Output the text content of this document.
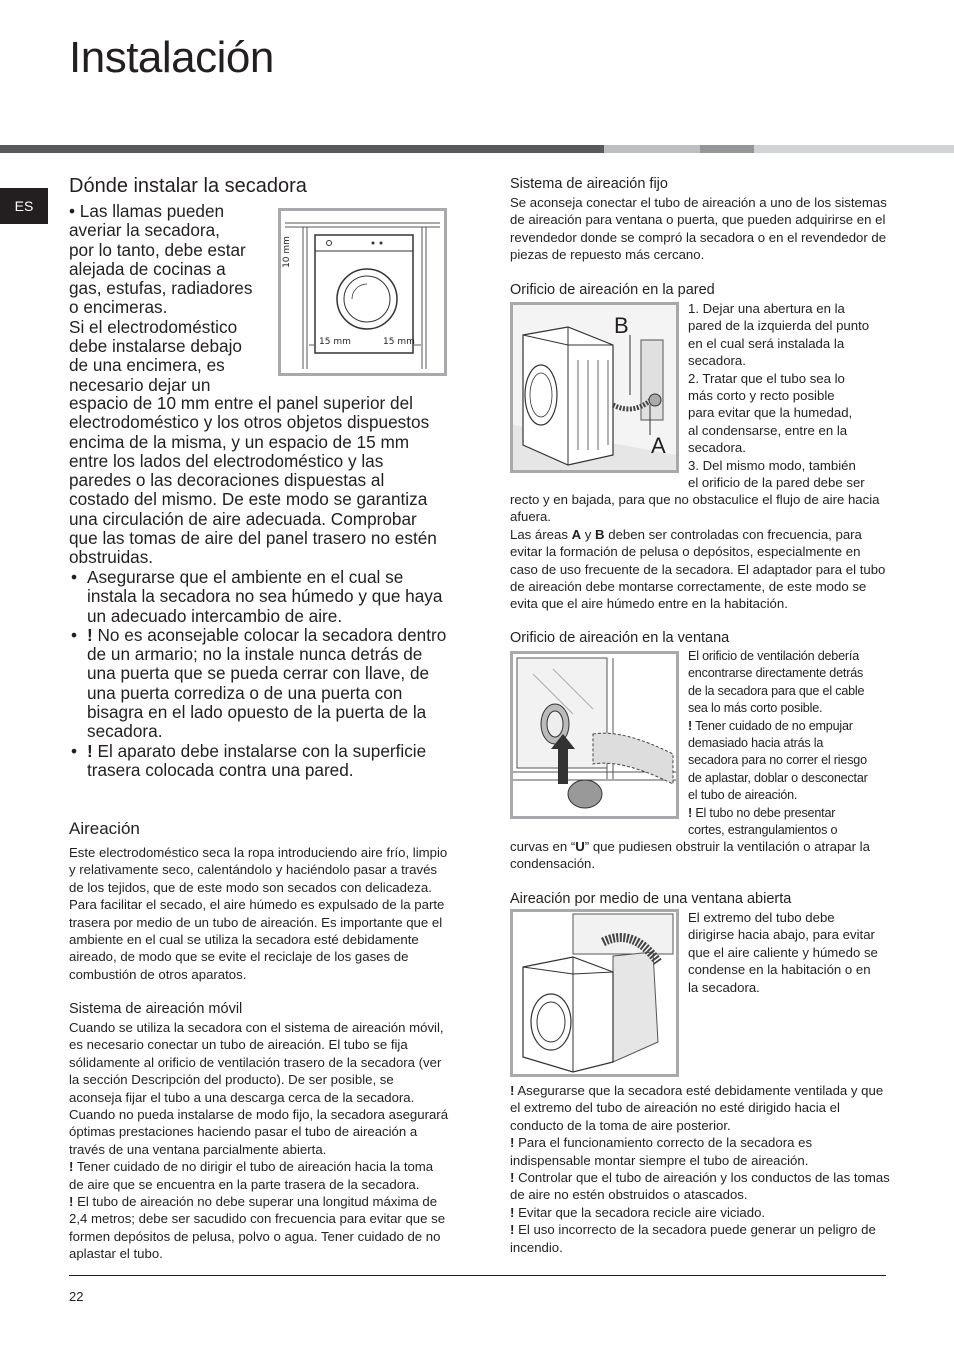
Instalación
ES
Dónde instalar la secadora
• Las llamas pueden
averiar la secadora,
por lo tanto, debe estar
alejada de cocinas a
gas, estufas, radiadores
o encimeras.
Si el electrodoméstico
debe instalarse debajo
de una encimera, es
necesario dejar un
10 mm
15 mm	15 mm
espacio de 10 mm entre el panel superior del electrodoméstico y los otros objetos dispuestos encima de la misma, y un espacio de 15 mm entre los lados del electrodoméstico y las paredes o las decoraciones dispuestas al costado del mismo. De este modo se garantiza una circulación de aire adecuada. Comprobar que las tomas de aire del panel trasero no estén obstruidas.
• Asegurarse que el ambiente en el cual se instala la secadora no sea húmedo y que haya un adecuado intercambio de aire.
• ! No es aconsejable colocar la secadora dentro de un armario; no la instale nunca detrás de una puerta que se pueda cerrar con llave, de una puerta corrediza o de una puerta con bisagra en el lado opuesto de la puerta de la secadora.
• ! El aparato debe instalarse con la superficie trasera colocada contra una pared.
Aireación
Este electrodoméstico seca la ropa introduciendo aire frío, limpio y relativamente seco, calentándolo y haciéndolo pasar a través de los tejidos, que de este modo son secados con delicadeza. Para facilitar el secado, el aire húmedo es expulsado de la parte trasera por medio de un tubo de aireación. Es importante que el ambiente en el cual se utiliza la secadora esté debidamente aireado, de modo que se evite el reciclaje de los gases de combustión de otros aparatos.
Sistema de aireación móvil

Cuando se utiliza la secadora con el sistema de aireación móvil, es necesario conectar un tubo de aireación. El tubo se fija sólidamente al orificio de ventilación trasero de la secadora (ver la sección Descripción del producto). De ser posible, se aconseja fijar el tubo a una descarga cerca de la secadora. Cuando no pueda instalarse de modo fijo, la secadora asegurará óptimas prestaciones haciendo pasar el tubo de aireación a través de una ventana parcialmente abierta.

! Tener cuidado de no dirigir el tubo de aireación hacia la toma de aire que se encuentra en la parte trasera de la secadora.

! El tubo de aireación no debe superar una longitud máxima de 2,4 metros; debe ser sacudido con frecuencia para evitar que se formen depósitos de pelusa, polvo o agua. Tener cuidado de no aplastar el tubo.

Sistema de aireación fijo
Se aconseja conectar el tubo de aireación a uno de los sistemas de aireación para ventana o puerta, que pueden adquirirse en el revendedor donde se compró la secadora o en el revendedor de piezas de repuesto más cercano.
Orificio de aireación en la pared
B
A
1. Dejar una abertura en la
pared de la izquierda del punto
en el cual será instalada la
secadora.
2. Tratar que el tubo sea lo
más corto y recto posible
para evitar que la humedad,
al condensarse, entre en la
secadora.
3. Del mismo modo, también
el orificio de la pared debe ser

recto y en bajada, para que no obstaculice el flujo de aire hacia afuera.

Las áreas A y B deben ser controladas con frecuencia, para evitar la formación de pelusa o depósitos, especialmente en caso de uso frecuente de la secadora. El adaptador para el tubo de aireación debe montarse correctamente, de este modo se evita que el aire húmedo entre en la habitación.

Orificio de aireación en la ventana
El orificio de ventilación debería
encontrarse directamente detrás
de la secadora para que el cable
sea lo más corto posible.
! Tener cuidado de no empujar
demasiado hacia atrás la
secadora para no correr el riesgo
de aplastar, doblar o desconectar
el tubo de aireación.
! El tubo no debe presentar
cortes, estrangulamientos o
curvas en “U” que pudiesen obstruir la ventilación o atrapar la condensación.
Aireación por medio de una ventana abierta
El extremo del tubo debe
dirigirse hacia abajo, para evitar
que el aire caliente y húmedo se
condense en la habitación o en
la secadora.

! Asegurarse que la secadora esté debidamente ventilada y que el extremo del tubo de aireación no esté dirigido hacia el conducto de la toma de aire posterior.

! Para el funcionamiento correcto de la secadora es indispensable montar siempre el tubo de aireación.

! Controlar que el tubo de aireación y los conductos de las tomas de aire no estén obstruidos o atascados.

! Evitar que la secadora recicle aire viciado.

! El uso incorrecto de la secadora puede generar un peligro de incendio.

22
